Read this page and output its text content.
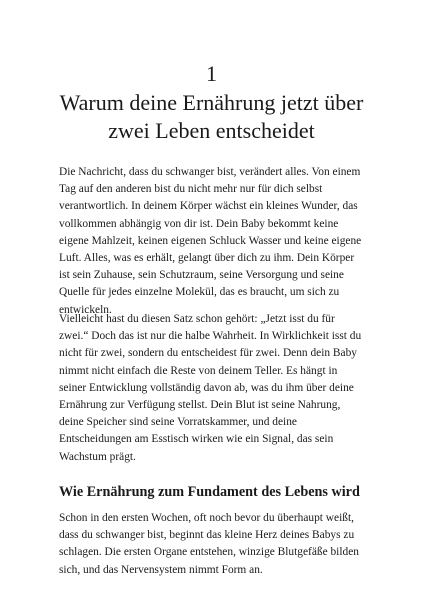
1
Warum deine Ernährung jetzt über zwei Leben entscheidet

Die Nachricht, dass du schwanger bist, verändert alles. Von einem Tag auf den anderen bist du nicht mehr nur für dich selbst verantwortlich. In deinem Körper wächst ein kleines Wunder, das vollkommen abhängig von dir ist. Dein Baby bekommt keine eigene Mahlzeit, keinen eigenen Schluck Wasser und keine eigene Luft. Alles, was es erhält, gelangt über dich zu ihm. Dein Körper ist sein Zuhause, sein Schutzraum, seine Versorgung und seine Quelle für jedes einzelne Molekül, das es braucht, um sich zu entwickeln.

Vielleicht hast du diesen Satz schon gehört: „Jetzt isst du für zwei.“ Doch das ist nur die halbe Wahrheit. In Wirklichkeit isst du nicht für zwei, sondern du entscheidest für zwei. Denn dein Baby nimmt nicht einfach die Reste von deinem Teller. Es hängt in seiner Entwicklung vollständig davon ab, was du ihm über deine Ernährung zur Verfügung stellst. Dein Blut ist seine Nahrung, deine Speicher sind seine Vorratskammer, und deine Entscheidungen am Esstisch wirken wie ein Signal, das sein Wachstum prägt.

Wie Ernährung zum Fundament des Lebens wird

Schon in den ersten Wochen, oft noch bevor du überhaupt weißt, dass du schwanger bist, beginnt das kleine Herz deines Babys zu schlagen. Die ersten Organe entstehen, winzige Blutgefäße bilden sich, und das Nervensystem nimmt Form an.
